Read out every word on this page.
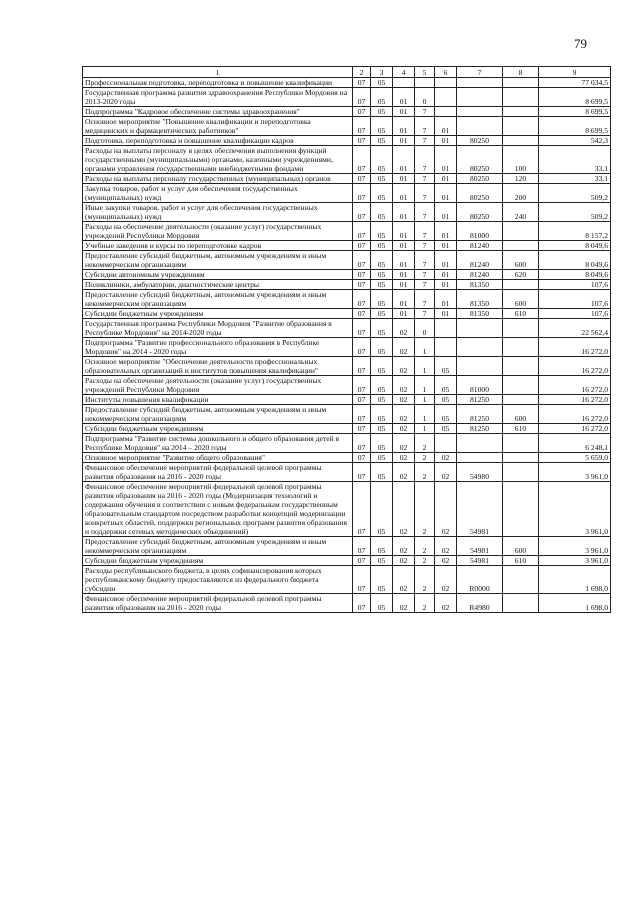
79
1	2	3	4	5	6	7	8	9
Профессиональная подготовка, переподготовка и повышение квалификации	07	05						77 034,5
Государственная программа развития здравоохранения Республики Мордовия на 2013-2020 годы	07	05	01	0				8 699,5
Подпрограмма "Кадровое обеспечение системы здравоохранения"	07	05	01	7				8 699,5
Основное мероприятие "Повышение квалификации и переподготовка медицинских и фармацевтических работников"	07	05	01	7	01			8 699,5
Подготовка, переподготовка и повышение квалификации кадров	07	05	01	7	01	80250		542,3
Расходы на выплаты персоналу в целях обеспечения выполнения функций государственными (муниципальными) органами, казенными учреждениями, органами управления государственными внебюджетными фондами	07	05	01	7	01	80250	100	33,1
Расходы на выплаты персоналу государственных (муниципальных) органов	07	05	01	7	01	80250	120	33,1
Закупка товаров, работ и услуг для обеспечения государственных (муниципальных) нужд	07	05	01	7	01	80250	200	509,2
Иные закупки товаров, работ и услуг для обеспечения государственных (муниципальных) нужд	07	05	01	7	01	80250	240	509,2
Расходы на обеспечение деятельности (оказание услуг) государственных учреждений Республики Мордовия	07	05	01	7	01	81000		8 157,2
Учебные заведения и курсы по переподготовке кадров	07	05	01	7	01	81240		8 049,6
Предоставление субсидий бюджетным, автономным учреждениям и иным некоммерческим организациям	07	05	01	7	01	81240	600	8 049,6
Субсидии автономным учреждениям	07	05	01	7	01	81240	620	8 049,6
Поликлиники, амбулатории, диагностические центры	07	05	01	7	01	81350		107,6
Предоставление субсидий бюджетным, автономным учреждениям и иным некоммерческим организациям	07	05	01	7	01	81350	600	107,6
Субсидии бюджетным учреждениям	07	05	01	7	01	81350	610	107,6
Государственная программа Республики Мордовия "Развитие образования в Республике Мордовия" на 2014-2020 годы	07	05	02	0				22 562,4
Подпрограмма "Развитие профессионального образования в Республике Мордовия" на 2014 - 2020 годы	07	05	02	1				16 272,0
Основное мероприятие "Обеспечение деятельности профессиональных образовательных организаций и институтов повышения квалификации"	07	05	02	1	05			16 272,0
Расходы на обеспечение деятельности (оказание услуг) государственных учреждений Республики Мордовия	07	05	02	1	05	81000		16 272,0
Институты повышения квалификации	07	05	02	1	05	81250		16 272,0
Предоставление субсидий бюджетным, автономным учреждениям и иным некоммерческим организациям	07	05	02	1	05	81250	600	16 272,0
Субсидии бюджетным учреждениям	07	05	02	1	05	81250	610	16 272,0
Подпрограмма "Развитие системы дошкольного и общего образования детей в Республике Мордовия" на 2014 – 2020 годы	07	05	02	2				6 248,1
Основное мероприятие "Развитие общего образования"	07	05	02	2	02			5 659,0
Финансовое обеспечение мероприятий федеральной целевой программы развития образования на 2016 - 2020 годы	07	05	02	2	02	54980		3 961,0
Финансовое обеспечение мероприятий федеральной целевой программы развития образования на 2016 - 2020 годы (Модернизация технологий и содержания обучения в соответствии с новым федеральным государственным образовательным стандартом посредством разработки концепций модернизации конкретных областей, поддержки региональных программ развития образования и поддержки сетевых методических объединений)	07	05	02	2	02	54981		3 961,0
Предоставление субсидий бюджетным, автономным учреждениям и иным некоммерческим организациям	07	05	02	2	02	54981	600	3 961,0
Субсидии бюджетным учреждениям	07	05	02	2	02	54981	610	3 961,0
Расходы республиканского бюджета, в целях софинансирования которых республиканскому бюджету предоставляются из федерального бюджета субсидии	07	05	02	2	02	R0000		1 698,0
Финансовое обеспечение мероприятий федеральной целевой программы развития образования на 2016 - 2020 годы	07	05	02	2	02	R4980		1 698,0
